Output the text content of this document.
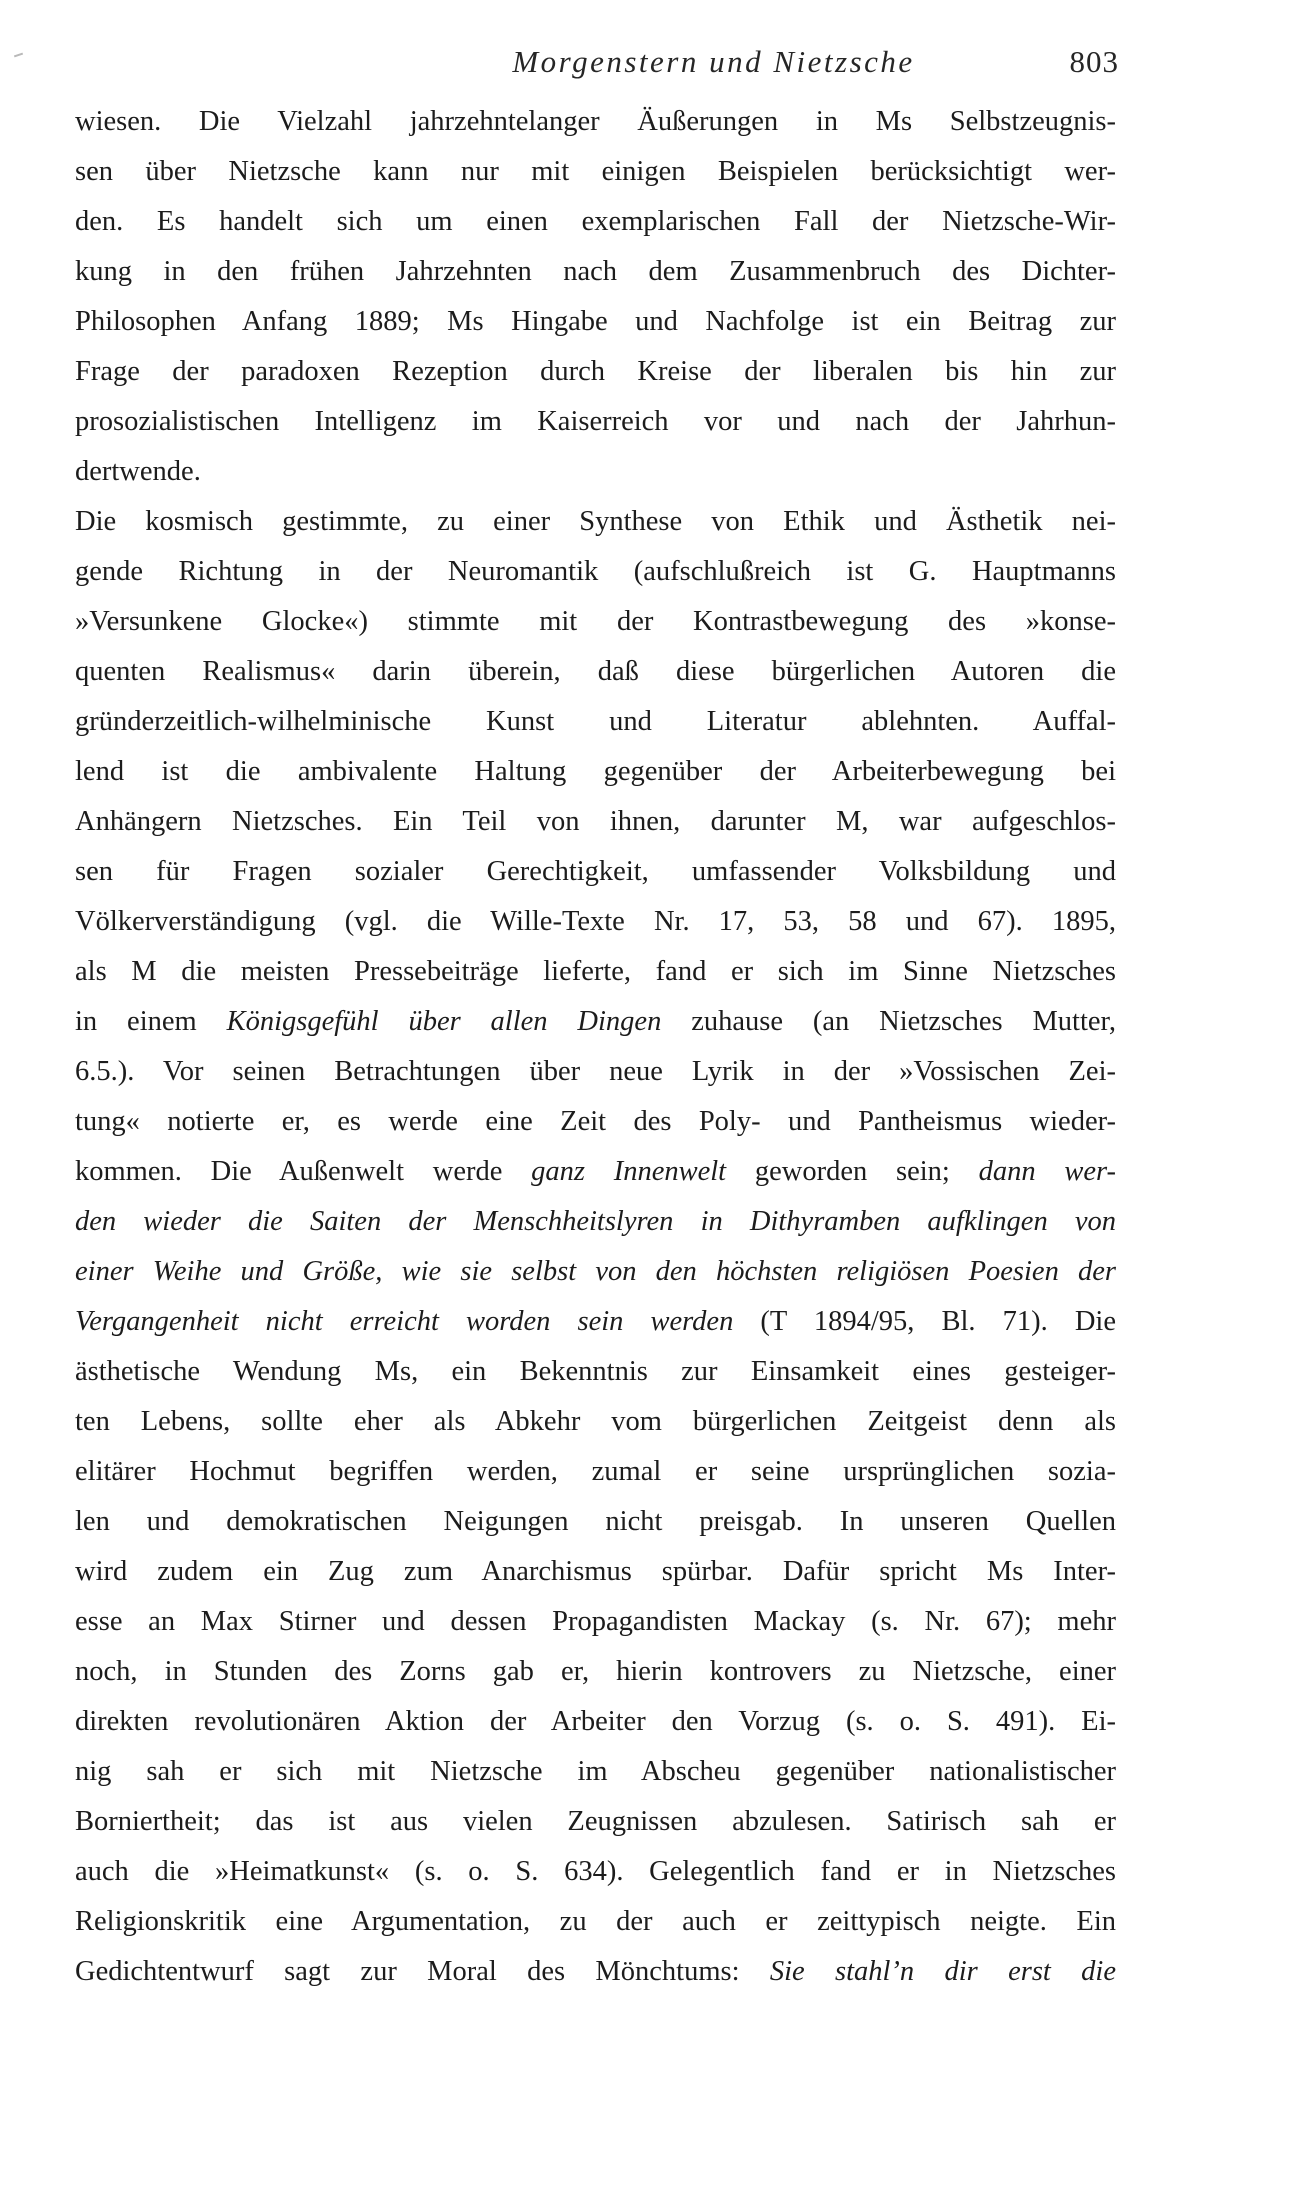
Morgenstern und Nietzsche	803
wiesen. Die Vielzahl jahrzehntelanger Äußerungen in Ms Selbstzeugnis-
sen über Nietzsche kann nur mit einigen Beispielen berücksichtigt wer-
den. Es handelt sich um einen exemplarischen Fall der Nietzsche-Wir-
kung in den frühen Jahrzehnten nach dem Zusammenbruch des Dichter-
Philosophen Anfang 1889; Ms Hingabe und Nachfolge ist ein Beitrag zur
Frage der paradoxen Rezeption durch Kreise der liberalen bis hin zur
prosozialistischen Intelligenz im Kaiserreich vor und nach der Jahrhun-
dertwende.
Die kosmisch gestimmte, zu einer Synthese von Ethik und Ästhetik nei-
gende Richtung in der Neuromantik (aufschlußreich ist G. Hauptmanns
»Versunkene Glocke«) stimmte mit der Kontrastbewegung des »konse-
quenten Realismus« darin überein, daß diese bürgerlichen Autoren die
gründerzeitlich-wilhelminische Kunst und Literatur ablehnten. Auffal-
lend ist die ambivalente Haltung gegenüber der Arbeiterbewegung bei
Anhängern Nietzsches. Ein Teil von ihnen, darunter M, war aufgeschlos-
sen für Fragen sozialer Gerechtigkeit, umfassender Volksbildung und
Völkerverständigung (vgl. die Wille-Texte Nr. 17, 53, 58 und 67). 1895,
als M die meisten Pressebeiträge lieferte, fand er sich im Sinne Nietzsches
in einem Königsgefühl über allen Dingen zuhause (an Nietzsches Mutter,
6.5.). Vor seinen Betrachtungen über neue Lyrik in der »Vossischen Zei-
tung« notierte er, es werde eine Zeit des Poly- und Pantheismus wieder-
kommen. Die Außenwelt werde ganz Innenwelt geworden sein; dann wer-
den wieder die Saiten der Menschheitslyren in Dithyramben aufklingen von
einer Weihe und Größe, wie sie selbst von den höchsten religiösen Poesien der
Vergangenheit nicht erreicht worden sein werden (T 1894/95, Bl. 71). Die
ästhetische Wendung Ms, ein Bekenntnis zur Einsamkeit eines gesteiger-
ten Lebens, sollte eher als Abkehr vom bürgerlichen Zeitgeist denn als
elitärer Hochmut begriffen werden, zumal er seine ursprünglichen sozia-
len und demokratischen Neigungen nicht preisgab. In unseren Quellen
wird zudem ein Zug zum Anarchismus spürbar. Dafür spricht Ms Inter-
esse an Max Stirner und dessen Propagandisten Mackay (s. Nr. 67); mehr
noch, in Stunden des Zorns gab er, hierin kontrovers zu Nietzsche, einer
direkten revolutionären Aktion der Arbeiter den Vorzug (s. o. S. 491). Ei-
nig sah er sich mit Nietzsche im Abscheu gegenüber nationalistischer
Borniertheit; das ist aus vielen Zeugnissen abzulesen. Satirisch sah er
auch die »Heimatkunst« (s. o. S. 634). Gelegentlich fand er in Nietzsches
Religionskritik eine Argumentation, zu der auch er zeittypisch neigte. Ein
Gedichtentwurf sagt zur Moral des Mönchtums: Sie stahl’n dir erst die
